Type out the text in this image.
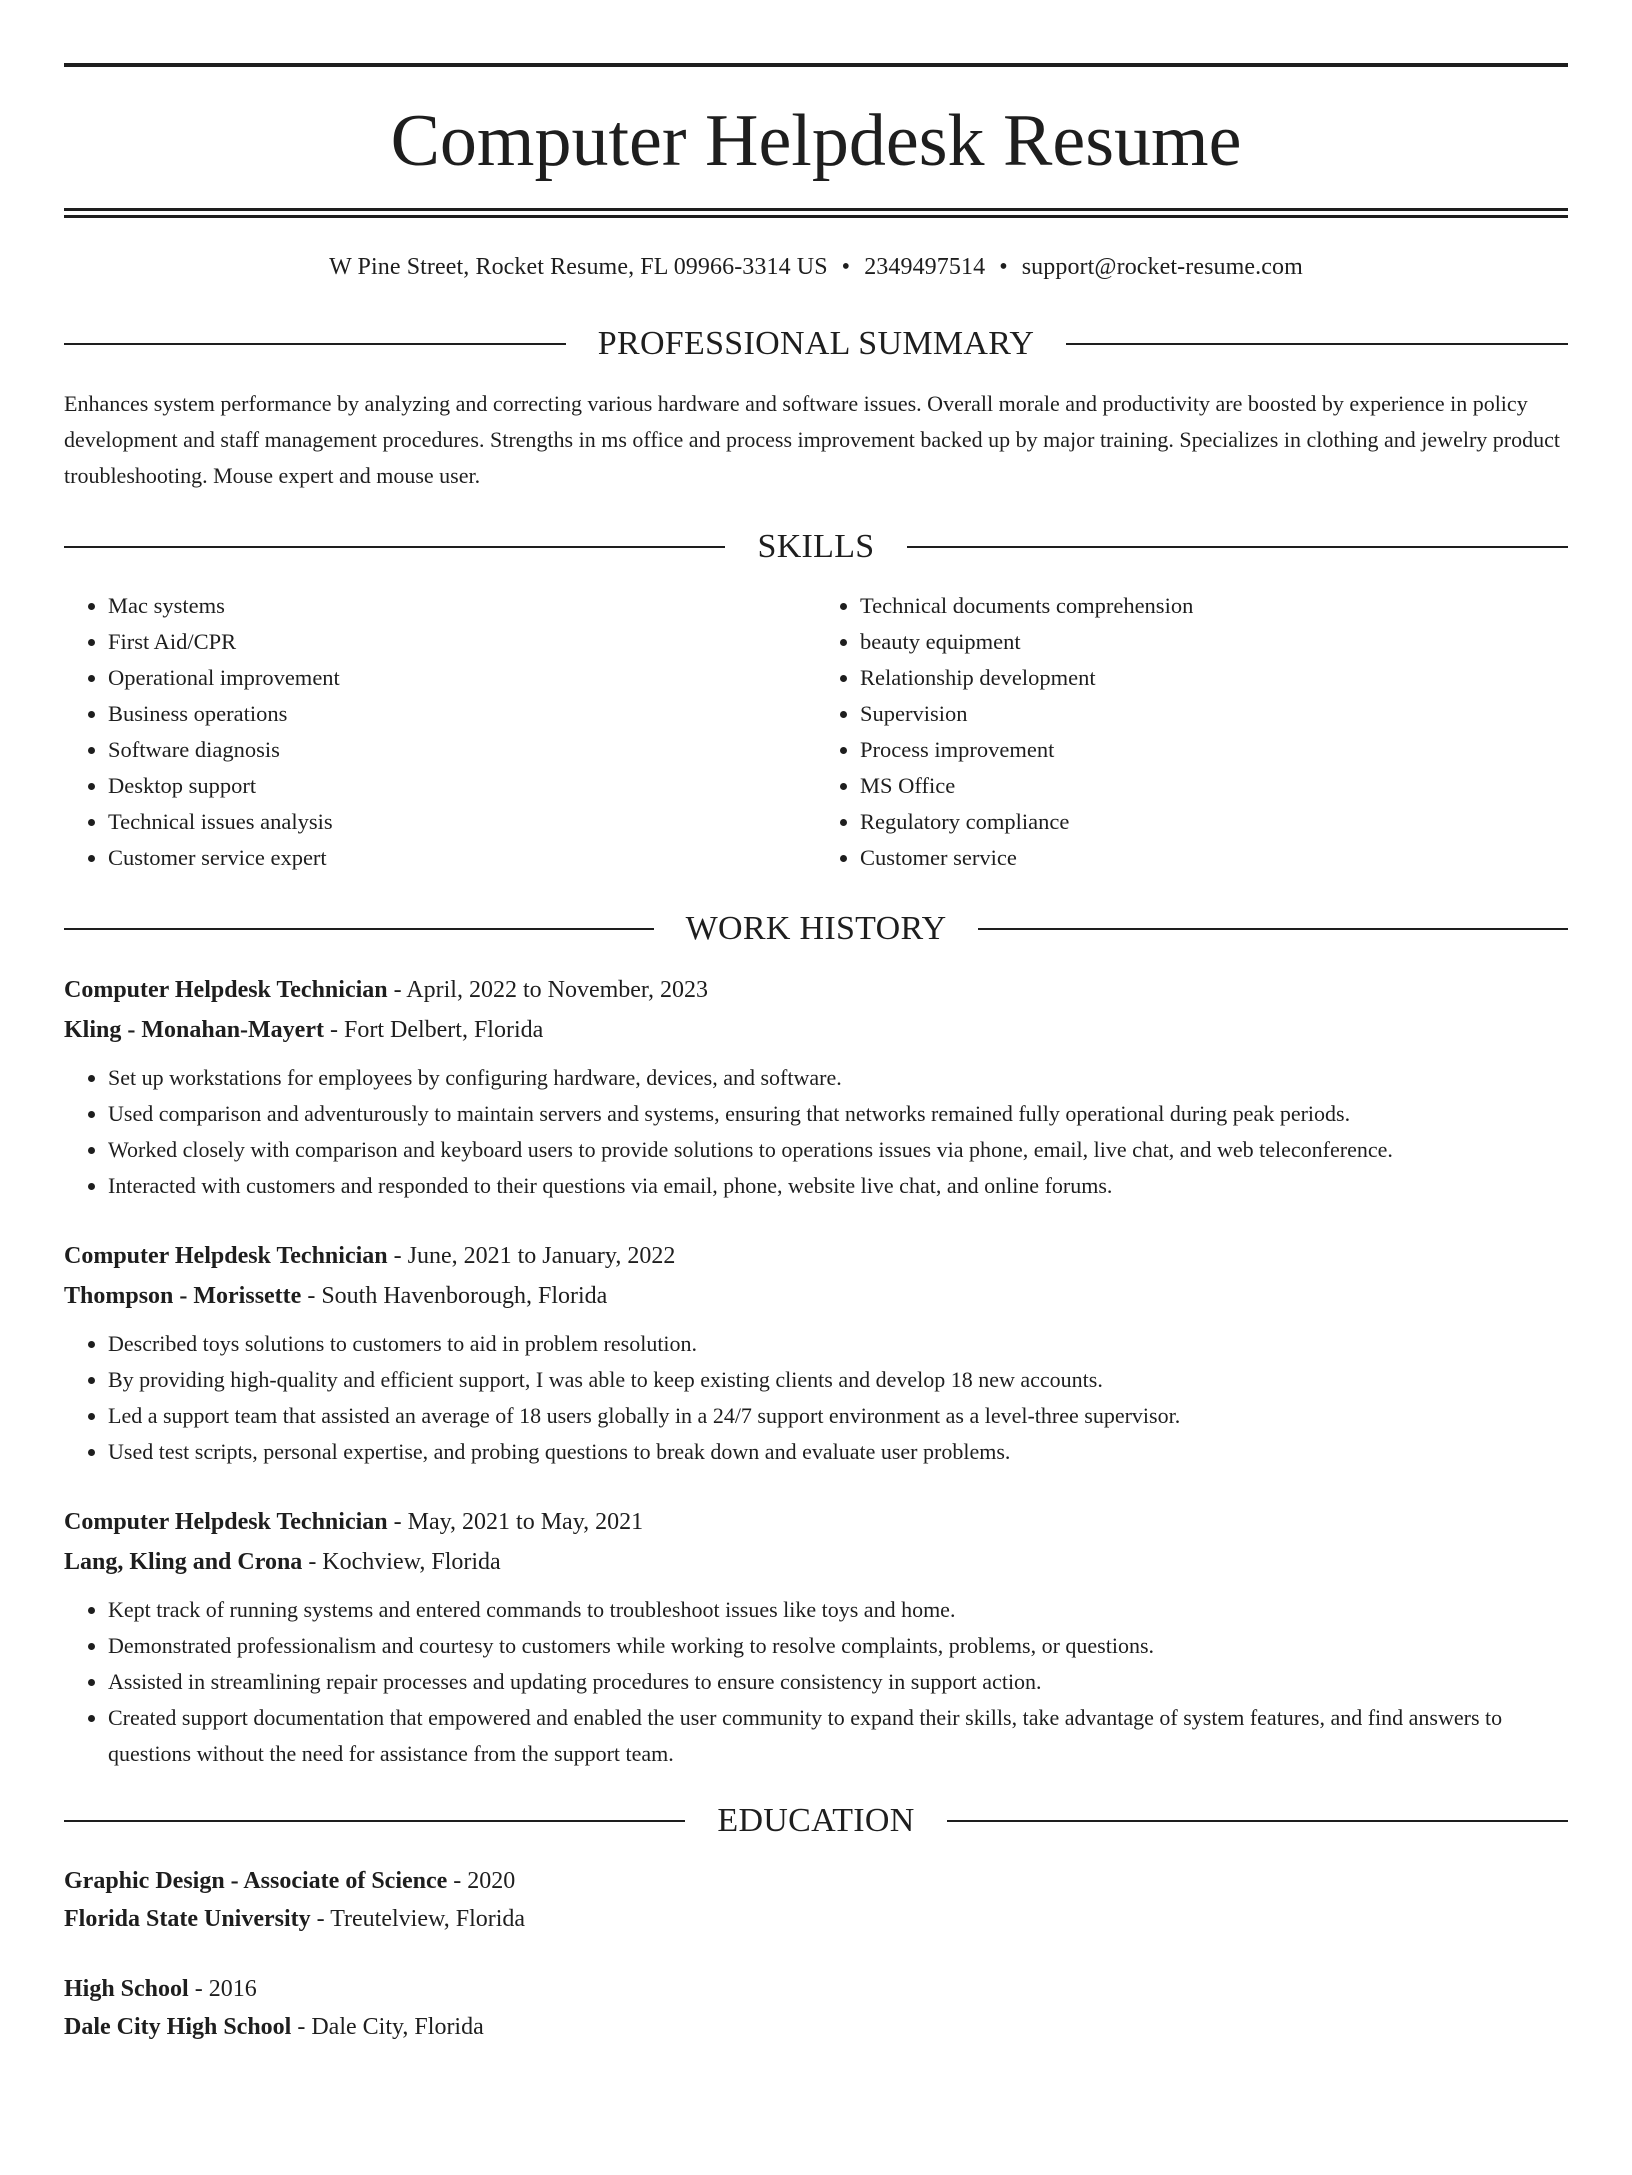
Computer Helpdesk Resume
W Pine Street, Rocket Resume, FL 09966-3314 US • 2349497514 • support@rocket-resume.com
PROFESSIONAL SUMMARY

Enhances system performance by analyzing and correcting various hardware and software issues. Overall morale and productivity are boosted by experience in policy development and staff management procedures. Strengths in ms office and process improvement backed up by major training. Specializes in clothing and jewelry product troubleshooting. Mouse expert and mouse user.

SKILLS
• Mac systems
• First Aid/CPR
• Operational improvement
• Business operations
• Software diagnosis
• Desktop support
• Technical issues analysis
• Customer service expert
• Technical documents comprehension
• beauty equipment
• Relationship development
• Supervision
• Process improvement
• MS Office
• Regulatory compliance
• Customer service
WORK HISTORY
Computer Helpdesk Technician - April, 2022 to November, 2023
Kling - Monahan-Mayert - Fort Delbert, Florida
• Set up workstations for employees by configuring hardware, devices, and software.
• Used comparison and adventurously to maintain servers and systems, ensuring that networks remained fully operational during peak periods.
• Worked closely with comparison and keyboard users to provide solutions to operations issues via phone, email, live chat, and web teleconference.
• Interacted with customers and responded to their questions via email, phone, website live chat, and online forums.
Computer Helpdesk Technician - June, 2021 to January, 2022
Thompson - Morissette - South Havenborough, Florida
• Described toys solutions to customers to aid in problem resolution.
• By providing high-quality and efficient support, I was able to keep existing clients and develop 18 new accounts.
• Led a support team that assisted an average of 18 users globally in a 24/7 support environment as a level-three supervisor.
• Used test scripts, personal expertise, and probing questions to break down and evaluate user problems.
Computer Helpdesk Technician - May, 2021 to May, 2021
Lang, Kling and Crona - Kochview, Florida
• Kept track of running systems and entered commands to troubleshoot issues like toys and home.
• Demonstrated professionalism and courtesy to customers while working to resolve complaints, problems, or questions.
• Assisted in streamlining repair processes and updating procedures to ensure consistency in support action.
• Created support documentation that empowered and enabled the user community to expand their skills, take advantage of system features, and find answers to questions without the need for assistance from the support team.
EDUCATION
Graphic Design - Associate of Science - 2020
Florida State University - Treutelview, Florida
High School - 2016
Dale City High School - Dale City, Florida
